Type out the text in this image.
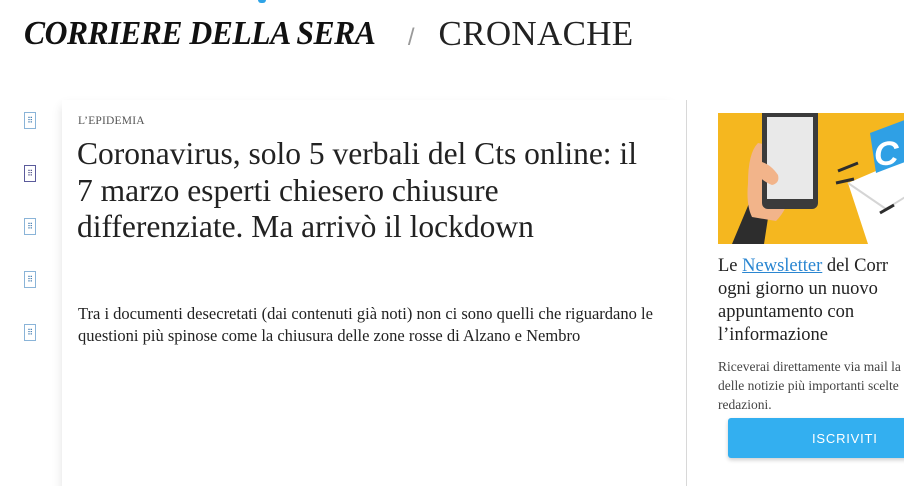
CORRIERE DELLA SERA / CRONACHE
⠿
⠿
⠿
⠿
⠿
L’EPIDEMIA
Coronavirus, solo 5 verbali del Cts online: il 7 marzo esperti chiesero chiusure differenziate. Ma arrivò il lockdown

Tra i documenti desecretati (dai contenuti già noti) non ci sono quelli che riguardano le questioni più spinose come la chiusura delle zone rosse di Alzano e Nembro

C

Le Newsletter del Corr
ogni giorno un nuovo
appuntamento con
l’informazione

Riceverai direttamente via mail la
delle notizie più importanti scelte
redazioni.

ISCRIVITI
